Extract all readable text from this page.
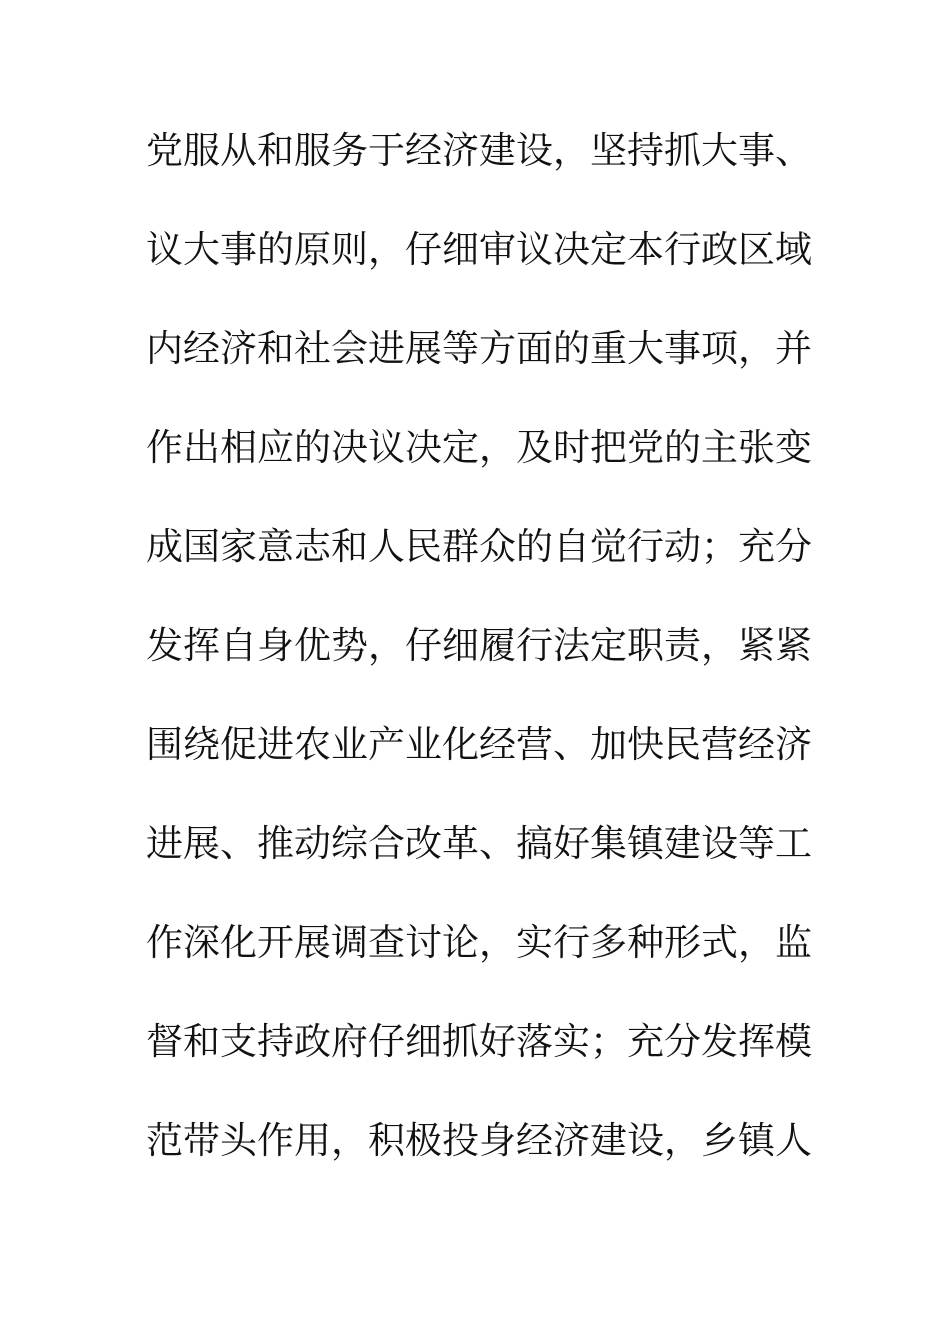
党服从和服务于经济建设，坚持抓大事、
议大事的原则，仔细审议决定本行政区域
内经济和社会进展等方面的重大事项，并
作出相应的决议决定，及时把党的主张变
成国家意志和人民群众的自觉行动；充分
发挥自身优势，仔细履行法定职责，紧紧
围绕促进农业产业化经营、加快民营经济
进展、推动综合改革、搞好集镇建设等工
作深化开展调查讨论，实行多种形式，监
督和支持政府仔细抓好落实；充分发挥模
范带头作用，积极投身经济建设，乡镇人
